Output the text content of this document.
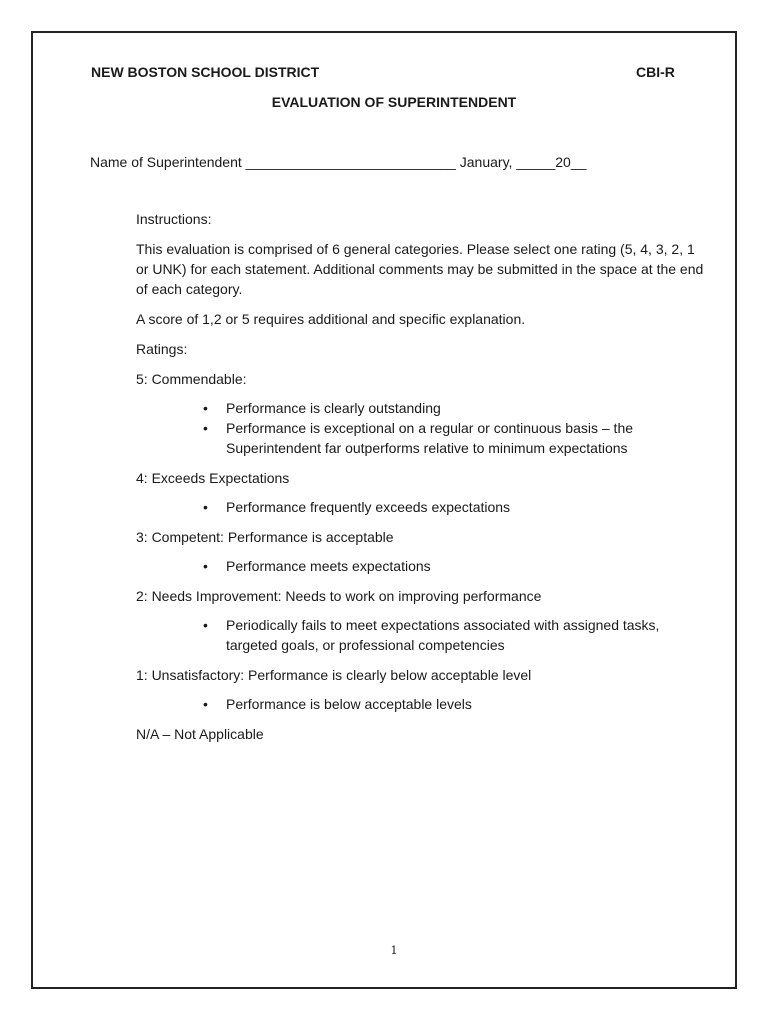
NEW BOSTON SCHOOL DISTRICT	CBI-R
EVALUATION OF SUPERINTENDENT
Name of Superintendent ___________________________ January, _____20__

Instructions:

This evaluation is comprised of 6 general categories. Please select one rating (5, 4, 3, 2, 1 or UNK) for each statement. Additional comments may be submitted in the space at the end of each category.

A score of 1,2 or 5 requires additional and specific explanation.

Ratings:

5: Commendable:

• Performance is clearly outstanding
• Performance is exceptional on a regular or continuous basis – the Superintendent far outperforms relative to minimum expectations

4: Exceeds Expectations

• Performance frequently exceeds expectations

3: Competent: Performance is acceptable

• Performance meets expectations

2: Needs Improvement: Needs to work on improving performance

• Periodically fails to meet expectations associated with assigned tasks, targeted goals, or professional competencies

1: Unsatisfactory: Performance is clearly below acceptable level

• Performance is below acceptable levels

N/A – Not Applicable

1
